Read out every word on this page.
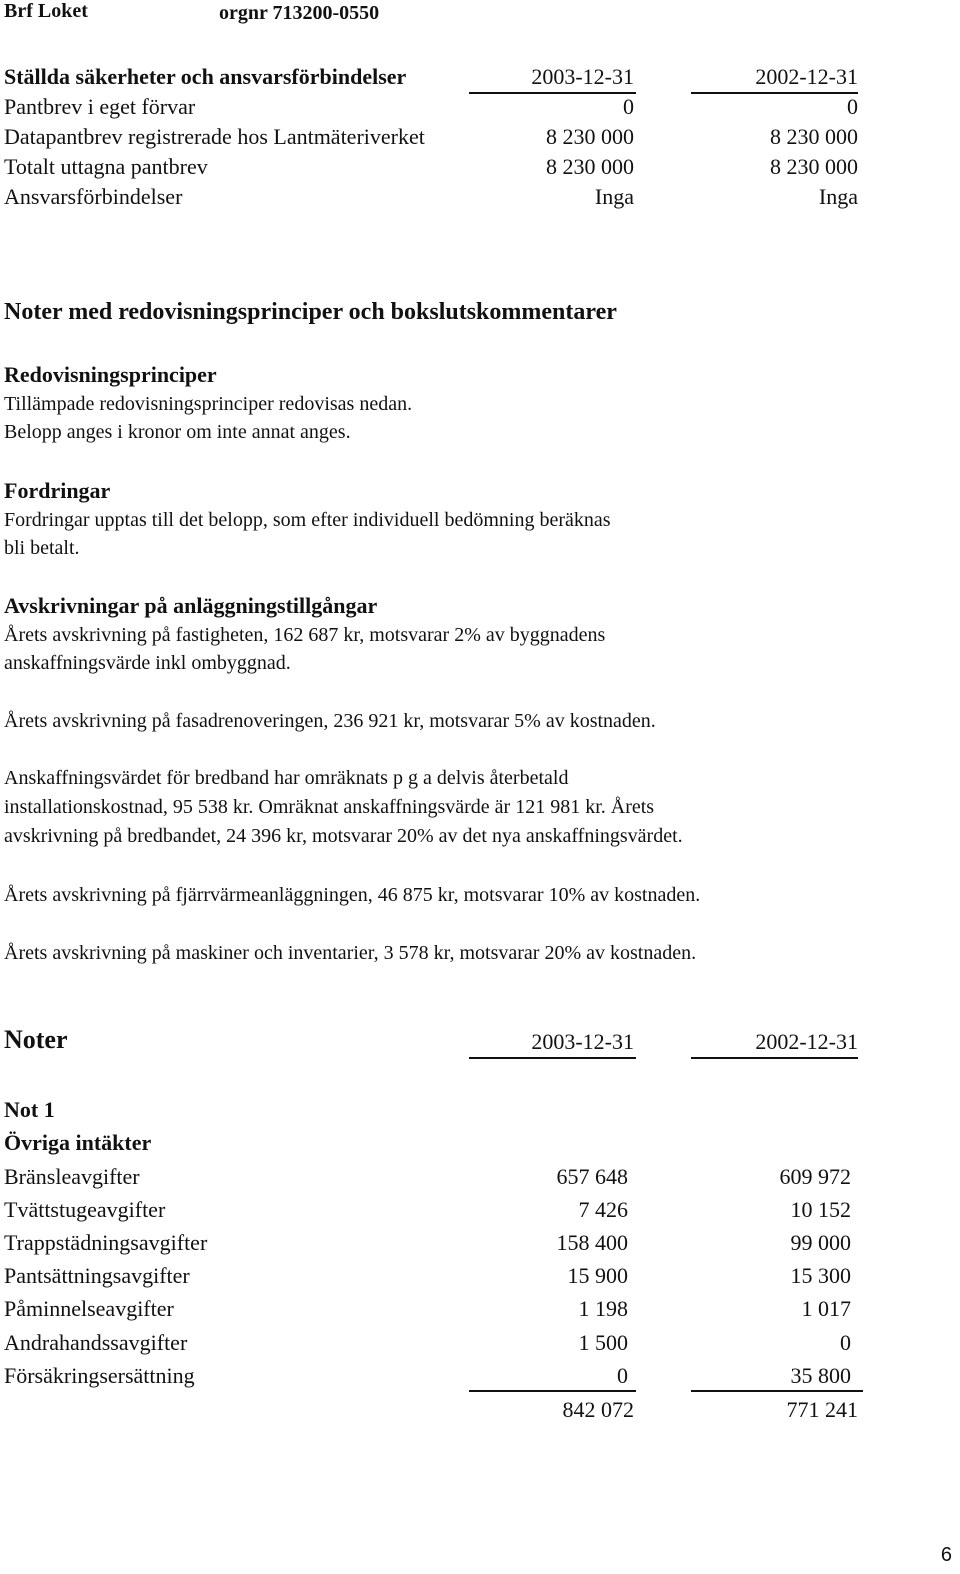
Brf Loket	orgnr 713200-0550
Ställda säkerheter och ansvarsförbindelser	2003-12-31	2002-12-31
Pantbrev i eget förvar	0	0
Datapantbrev registrerade hos Lantmäteriverket	8 230 000	8 230 000
Totalt uttagna pantbrev	8 230 000	8 230 000
Ansvarsförbindelser	Inga	Inga
Noter med redovisningsprinciper och bokslutskommentarer
Redovisningsprinciper
Tillämpade redovisningsprinciper redovisas nedan.
Belopp anges i kronor om inte annat anges.
Fordringar
Fordringar upptas till det belopp, som efter individuell bedömning beräknas
bli betalt.
Avskrivningar på anläggningstillgångar
Årets avskrivning på fastigheten, 162 687 kr, motsvarar 2% av byggnadens
anskaffningsvärde inkl ombyggnad.
Årets avskrivning på fasadrenoveringen, 236 921 kr, motsvarar 5% av kostnaden.
Anskaffningsvärdet för bredband har omräknats p g a delvis återbetald
installationskostnad, 95 538 kr. Omräknat anskaffningsvärde är 121 981 kr. Årets
avskrivning på bredbandet, 24 396 kr, motsvarar 20% av det nya anskaffningsvärdet.
Årets avskrivning på fjärrvärmeanläggningen, 46 875 kr, motsvarar 10% av kostnaden.
Årets avskrivning på maskiner och inventarier, 3 578 kr, motsvarar 20% av kostnaden.
Noter	2003-12-31	2002-12-31
Not 1
Övriga intäkter
Bränsleavgifter	657 648	609 972
Tvättstugeavgifter	7 426	10 152
Trappstädningsavgifter	158 400	99 000
Pantsättningsavgifter	15 900	15 300
Påminnelseavgifter	1 198	1 017
Andrahandssavgifter	1 500	0
Försäkringsersättning	0	35 800
842 072	771 241
6
